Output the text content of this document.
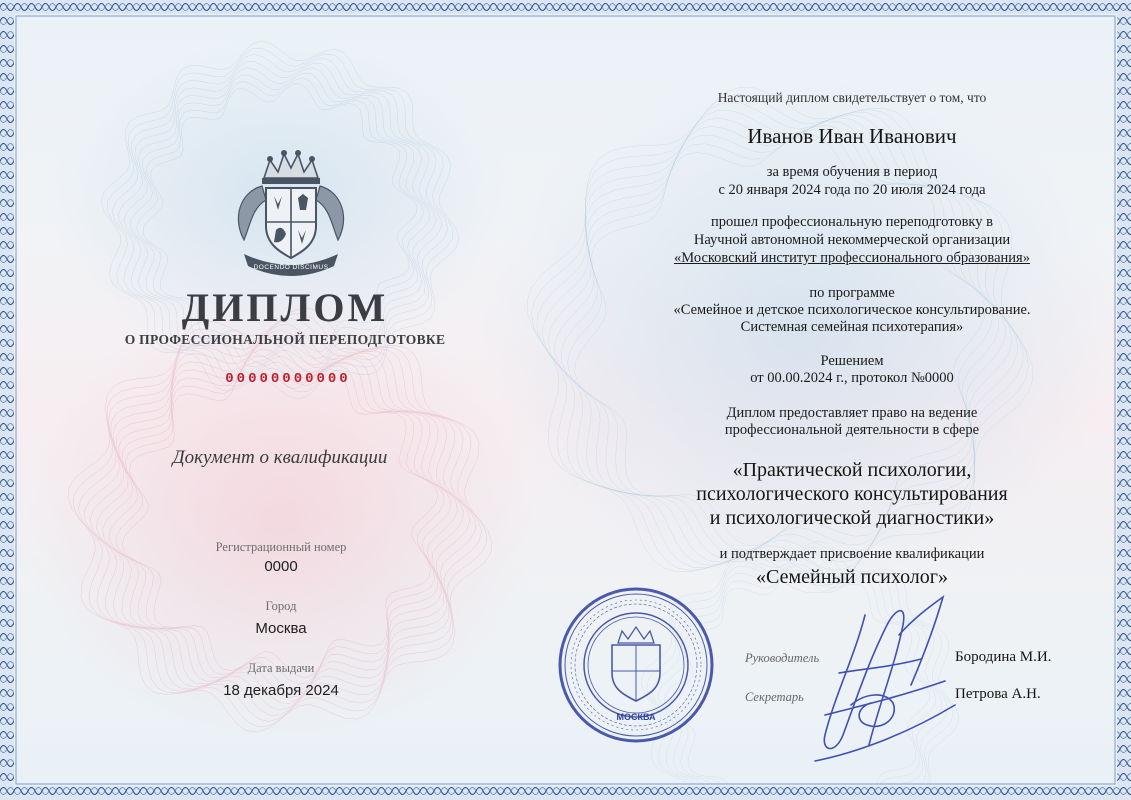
DOCENDO DISCIMUS
ДИПЛОМ
О ПРОФЕССИОНАЛЬНОЙ ПЕРЕПОДГОТОВКЕ
00000000000
Документ о квалификации
Регистрационный номер
0000
Город
Москва
Дата выдачи
18 декабря 2024
Настоящий диплом свидетельствует о том, что
Иванов Иван Иванович
за время обучения в период
с 20 января 2024 года по 20 июля 2024 года
прошел профессиональную переподготовку в
Научной автономной некоммерческой организации
«Московский институт профессионального образования»
по программе
«Семейное и детское психологическое консультирование.
Системная семейная психотерапия»
Решением
от 00.00.2024 г., протокол №0000
Диплом предоставляет право на ведение
профессиональной деятельности в сфере
«Практической психологии,
психологического консультирования
и психологической диагностики»
и подтверждает присвоение квалификации
«Семейный психолог»
МОСКВА
Руководитель
Секретарь
Бородина М.И.
Петрова А.Н.
